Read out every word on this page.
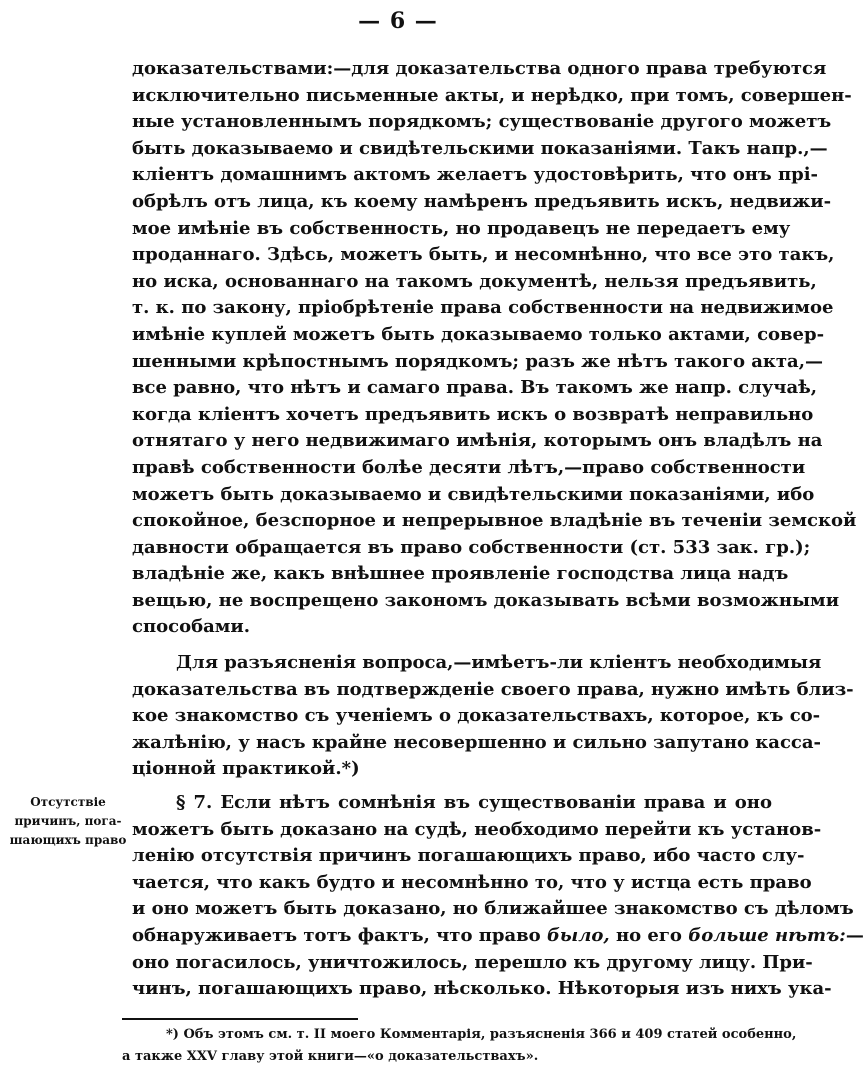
— 6 —
доказательствами:—для доказательства одного права требуются
исключительно письменные акты, и нерѣдко, при томъ, совершен-
ные установленнымъ порядкомъ; существованіе другого можетъ
быть доказываемо и свидѣтельскими показаніями. Такъ напр.,—
кліентъ домашнимъ актомъ желаетъ удостовѣрить, что онъ прі-
обрѣлъ отъ лица, къ коему намѣренъ предъявить искъ, недвижи-
мое имѣніе въ собственность, но продавецъ не передаетъ ему
проданнаго. Здѣсь, можетъ быть, и несомнѣнно, что все это такъ,
но иска, основаннаго на такомъ документѣ, нельзя предъявить,
т. к. по закону, пріобрѣтеніе права собственности на недвижимое
имѣніе куплей можетъ быть доказываемо только актами, совер-
шенными крѣпостнымъ порядкомъ; разъ же нѣтъ такого акта,—
все равно, что нѣтъ и самаго права. Въ такомъ же напр. случаѣ,
когда кліентъ хочетъ предъявить искъ о возвратѣ неправильно
отнятаго у него недвижимаго имѣнія, которымъ онъ владѣлъ на
правѣ собственности болѣе десяти лѣтъ,—право собственности
можетъ быть доказываемо и свидѣтельскими показаніями, ибо
спокойное, безспорное и непрерывное владѣніе въ теченіи земской
давности обращается въ право собственности (ст. 533 зак. гр.);
владѣніе же, какъ внѣшнее проявленіе господства лица надъ
вещью, не воспрещено закономъ доказывать всѣми возможными
способами.
Для разъясненія вопроса,—имѣетъ-ли кліентъ необходимыя
доказательства въ подтвержденіе своего права, нужно имѣть близ-
кое знакомство съ ученіемъ о доказательствахъ, которое, къ со-
жалѣнію, у насъ крайне несовершенно и сильно запутано касса-
ціонной практикой.*)
Отсутствіе
причинъ, пога-
шающихъ право
§ 7. Если нѣтъ сомнѣнія въ существованіи права и оно
можетъ быть доказано на судѣ, необходимо перейти къ установ-
ленію отсутствія причинъ погашающихъ право, ибо часто слу-
чается, что какъ будто и несомнѣнно то, что у истца есть право
и оно можетъ быть доказано, но ближайшее знакомство съ дѣломъ
обнаруживаетъ тотъ фактъ, что право было, но его больше нѣтъ:—
оно погасилось, уничтожилось, перешло къ другому лицу. При-
чинъ, погашающихъ право, нѣсколько. Нѣкоторыя изъ нихъ ука-
*) Объ этомъ см. т. II моего Комментарія, разъясненія 366 и 409 статей особенно,
а также XXV главу этой книги—«о доказательствахъ».
